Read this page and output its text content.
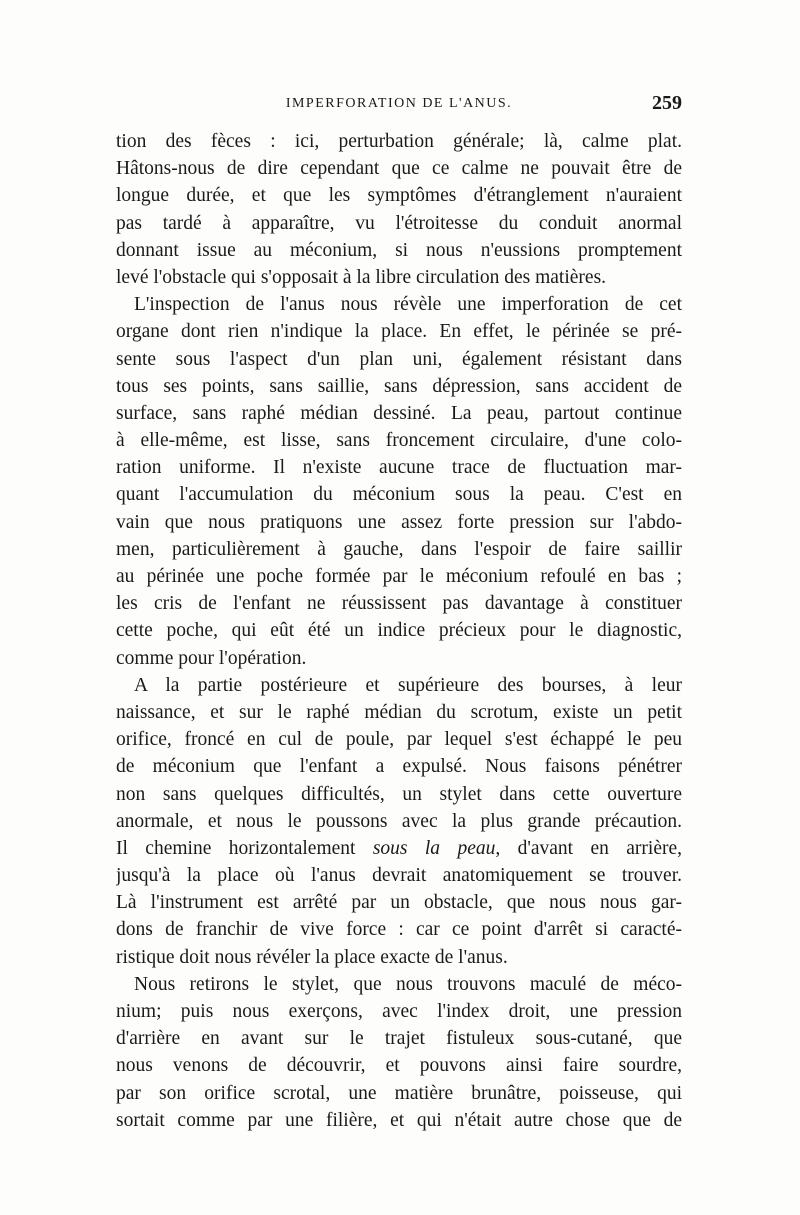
IMPERFORATION DE L'ANUS.	259
tion des fèces : ici, perturbation générale; là, calme plat.
Hâtons-nous de dire cependant que ce calme ne pouvait être de
longue durée, et que les symptômes d'étranglement n'auraient
pas tardé à apparaître, vu l'étroitesse du conduit anormal
donnant issue au méconium, si nous n'eussions promptement
levé l'obstacle qui s'opposait à la libre circulation des matières.
L'inspection de l'anus nous révèle une imperforation de cet
organe dont rien n'indique la place. En effet, le périnée se pré-
sente sous l'aspect d'un plan uni, également résistant dans
tous ses points, sans saillie, sans dépression, sans accident de
surface, sans raphé médian dessiné. La peau, partout continue
à elle-même, est lisse, sans froncement circulaire, d'une colo-
ration uniforme. Il n'existe aucune trace de fluctuation mar-
quant l'accumulation du méconium sous la peau. C'est en
vain que nous pratiquons une assez forte pression sur l'abdo-
men, particulièrement à gauche, dans l'espoir de faire saillir
au périnée une poche formée par le méconium refoulé en bas ;
les cris de l'enfant ne réussissent pas davantage à constituer
cette poche, qui eût été un indice précieux pour le diagnostic,
comme pour l'opération.
A la partie postérieure et supérieure des bourses, à leur
naissance, et sur le raphé médian du scrotum, existe un petit
orifice, froncé en cul de poule, par lequel s'est échappé le peu
de méconium que l'enfant a expulsé. Nous faisons pénétrer
non sans quelques difficultés, un stylet dans cette ouverture
anormale, et nous le poussons avec la plus grande précaution.
Il chemine horizontalement sous la peau, d'avant en arrière,
jusqu'à la place où l'anus devrait anatomiquement se trouver.
Là l'instrument est arrêté par un obstacle, que nous nous gar-
dons de franchir de vive force : car ce point d'arrêt si caracté-
ristique doit nous révéler la place exacte de l'anus.
Nous retirons le stylet, que nous trouvons maculé de méco-
nium; puis nous exerçons, avec l'index droit, une pression
d'arrière en avant sur le trajet fistuleux sous-cutané, que
nous venons de découvrir, et pouvons ainsi faire sourdre,
par son orifice scrotal, une matière brunâtre, poisseuse, qui
sortait comme par une filière, et qui n'était autre chose que de
